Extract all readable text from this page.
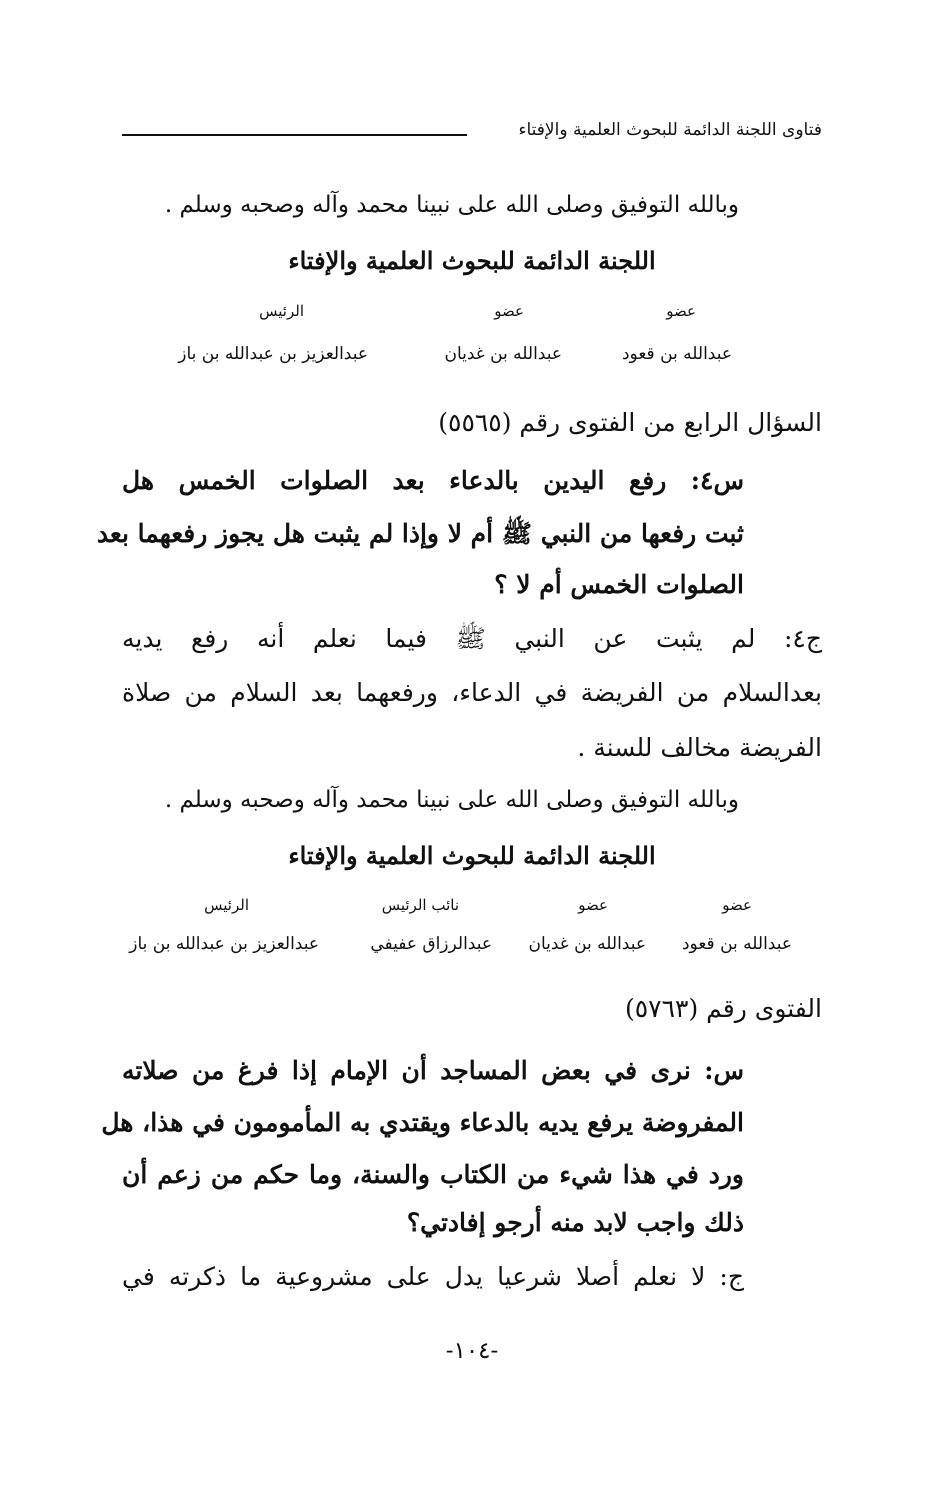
فتاوى اللجنة الدائمة للبحوث العلمية والإفتاء
وبالله التوفيق وصلى الله على نبينا محمد وآله وصحبه وسلم .
اللجنة الدائمة للبحوث العلمية والإفتاء
عضو
عضو
الرئيس
عبدالله بن قعود
عبدالله بن غديان
عبدالعزيز بن عبدالله بن باز
السؤال الرابع من الفتوى رقم (٥٥٦٥)
س٤: رفع اليدين بالدعاء بعد الصلوات الخمس هل
ثبت رفعها من النبي ﷺ أم لا وإذا لم يثبت هل يجوز رفعهما بعد
الصلوات الخمس أم لا ؟
ج٤: لم يثبت عن النبي ﷺ فيما نعلم أنه رفع يديه
بعدالسلام من الفريضة في الدعاء، ورفعهما بعد السلام من صلاة
الفريضة مخالف للسنة .
وبالله التوفيق وصلى الله على نبينا محمد وآله وصحبه وسلم .
اللجنة الدائمة للبحوث العلمية والإفتاء
عضو
عضو
نائب الرئيس
الرئيس
عبدالله بن قعود
عبدالله بن غديان
عبدالرزاق عفيفي
عبدالعزيز بن عبدالله بن باز
الفتوى رقم (٥٧٦٣)
س: نرى في بعض المساجد أن الإمام إذا فرغ من صلاته
المفروضة يرفع يديه بالدعاء ويقتدي به المأمومون في هذا، هل
ورد في هذا شيء من الكتاب والسنة، وما حكم من زعم أن
ذلك واجب لابد منه أرجو إفادتي؟
ج: لا نعلم أصلا شرعيا يدل على مشروعية ما ذكرته في
-١٠٤-
